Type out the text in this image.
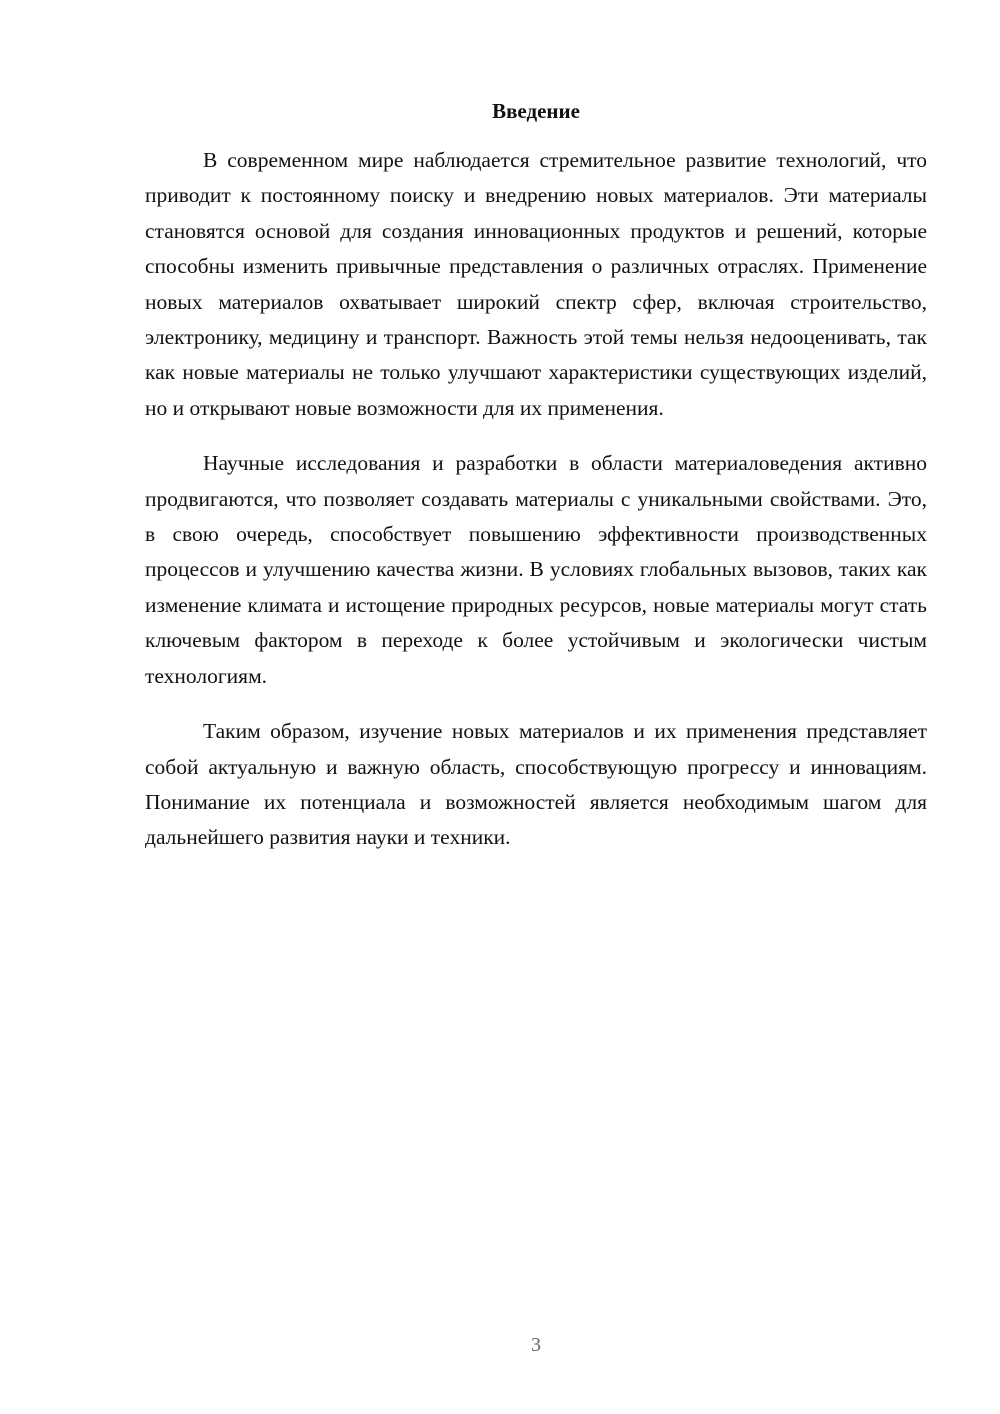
Введение

В современном мире наблюдается стремительное развитие технологий, что приводит к постоянному поиску и внедрению новых материалов. Эти материалы становятся основой для создания инновационных продуктов и решений, которые способны изменить привычные представления о различных отраслях. Применение новых материалов охватывает широкий спектр сфер, включая строительство, электронику, медицину и транспорт. Важность этой темы нельзя недооценивать, так как новые материалы не только улучшают характеристики существующих изделий, но и открывают новые возможности для их применения.

Научные исследования и разработки в области материаловедения активно продвигаются, что позволяет создавать материалы с уникальными свойствами. Это, в свою очередь, способствует повышению эффективности производственных процессов и улучшению качества жизни. В условиях глобальных вызовов, таких как изменение климата и истощение природных ресурсов, новые материалы могут стать ключевым фактором в переходе к более устойчивым и экологически чистым технологиям.

Таким образом, изучение новых материалов и их применения представляет собой актуальную и важную область, способствующую прогрессу и инновациям. Понимание их потенциала и возможностей является необходимым шагом для дальнейшего развития науки и техники.

3
